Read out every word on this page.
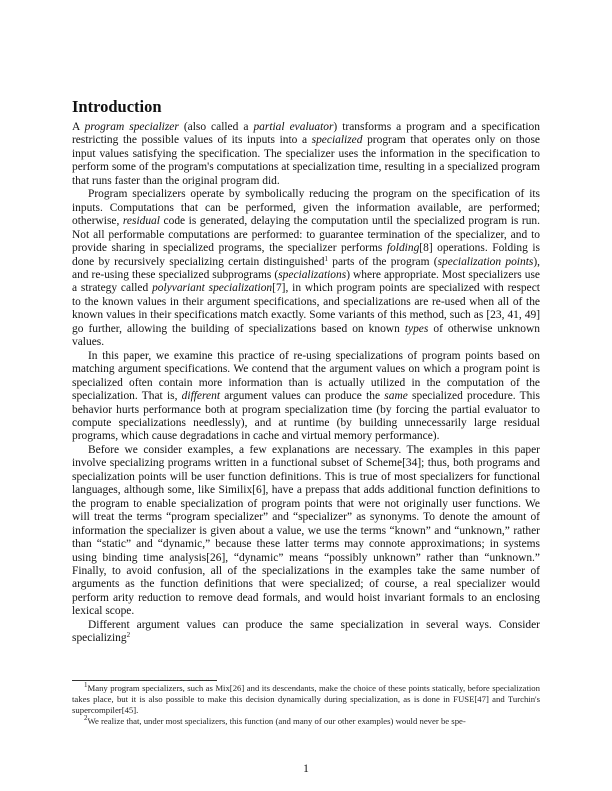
Introduction

A program specializer (also called a partial evaluator) transforms a program and a specification restricting the possible values of its inputs into a specialized program that operates only on those input values satisfying the specification. The specializer uses the information in the specification to perform some of the program's computations at specialization time, resulting in a specialized program that runs faster than the original program did.

Program specializers operate by symbolically reducing the program on the specification of its inputs. Computations that can be performed, given the information available, are performed; otherwise, residual code is generated, delaying the computation until the specialized program is run. Not all performable computations are performed: to guarantee termination of the specializer, and to provide sharing in specialized programs, the specializer performs folding[8] operations. Folding is done by recursively specializing certain distinguished$^1$ parts of the program (specialization points), and re-using these specialized subprograms (specializations) where appropriate. Most specializers use a strategy called polyvariant specialization[7], in which program points are specialized with respect to the known values in their argument specifications, and specializations are re-used when all of the known values in their specifications match exactly. Some variants of this method, such as [23, 41, 49] go further, allowing the building of specializations based on known types of otherwise unknown values.

In this paper, we examine this practice of re-using specializations of program points based on matching argument specifications. We contend that the argument values on which a program point is specialized often contain more information than is actually utilized in the computation of the specialization. That is, different argument values can produce the same specialized procedure. This behavior hurts performance both at program specialization time (by forcing the partial evaluator to compute specializations needlessly), and at runtime (by building unnecessarily large residual programs, which cause degradations in cache and virtual memory performance).

Before we consider examples, a few explanations are necessary. The examples in this paper involve specializing programs written in a functional subset of Scheme[34]; thus, both programs and specialization points will be user function definitions. This is true of most specializers for functional languages, although some, like Similix[6], have a prepass that adds additional function definitions to the program to enable specialization of program points that were not originally user functions. We will treat the terms “program specializer” and “specializer” as synonyms. To denote the amount of information the specializer is given about a value, we use the terms “known” and “unknown,” rather than “static” and “dynamic,” because these latter terms may connote approximations; in systems using binding time analysis[26], “dynamic” means “possibly unknown” rather than “unknown.” Finally, to avoid confusion, all of the specializations in the examples take the same number of arguments as the function definitions that were specialized; of course, a real specializer would perform arity reduction to remove dead formals, and would hoist invariant formals to an enclosing lexical scope.

Different argument values can produce the same specialization in several ways. Consider specializing$^2$

$^1$Many program specializers, such as Mix[26] and its descendants, make the choice of these points statically, before specialization takes place, but it is also possible to make this decision dynamically during specialization, as is done in FUSE[47] and Turchin's supercompiler[45].

$^2$We realize that, under most specializers, this function (and many of our other examples) would never be spe-

1
